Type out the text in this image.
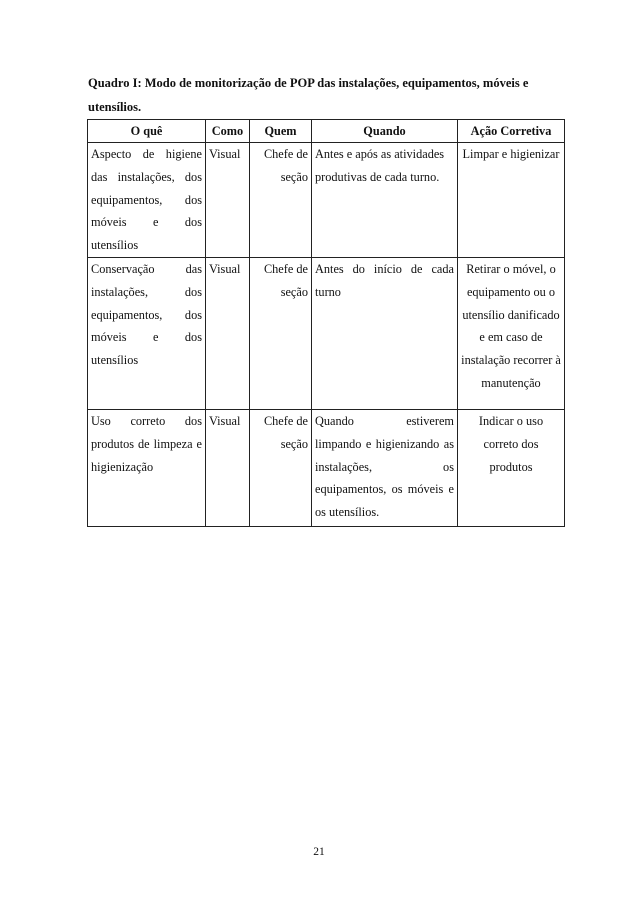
Quadro I: Modo de monitorização de POP das instalações, equipamentos, móveis e utensílios.
O quê	Como	Quem	Quando	Ação Corretiva
Aspecto de higiene das instalações, dos equipamentos, dos móveis e dos utensílios	Visual	Chefe de seção	Antes e após as atividades produtivas de cada turno.	Limpar e higienizar
Conservação das instalações, dos equipamentos, dos móveis e dos utensílios	Visual	Chefe de seção	Antes do início de cada turno	Retirar o móvel, o equipamento ou o utensílio danificado e em caso de instalação recorrer à manutenção
Uso correto dos produtos de limpeza e higienização	Visual	Chefe de seção	Quando estiverem limpando e higienizando as instalações, os equipamentos, os móveis e os utensílios.	Indicar o uso correto dos produtos
21
